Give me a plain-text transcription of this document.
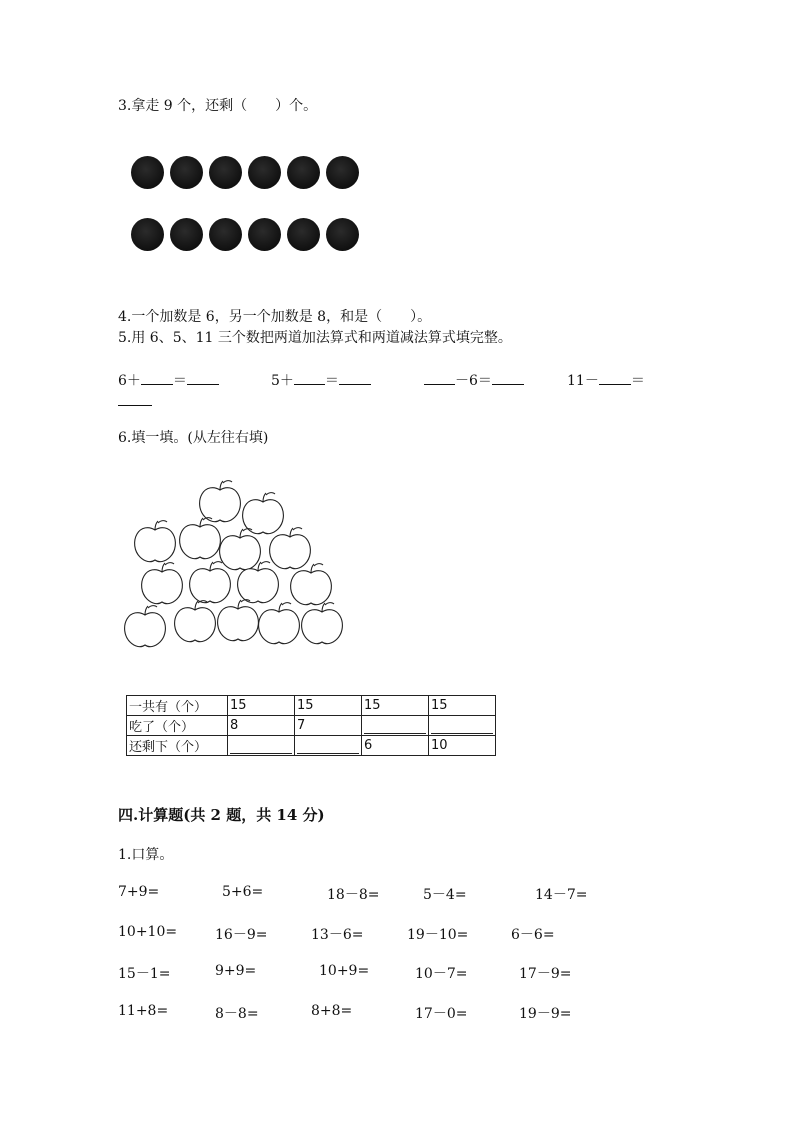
3.拿走 9 个，还剩（　　）个。
4.一个加数是 6，另一个加数是 8，和是（　　）。
5.用 6、5、11 三个数把两道加法算式和两道减法算式填完整。
6＋ ＝	5＋ ＝	－6＝	11－ ＝
6.填一填。(从左往右填)
一共有（个）	15	15	15	15
吃了（个）	8	7	

还剩下（个）			6	10
四.计算题(共 2 题，共 14 分)
1.口算。
7+9=	5+6=	18－8=	5－4=	14－7=
10+10=	16－9=	13－6=	19－10=	6－6=
15－1=	9+9=	10+9=	10－7=	17－9=
11+8=	8－8=	8+8=	17－0=	19－9=
